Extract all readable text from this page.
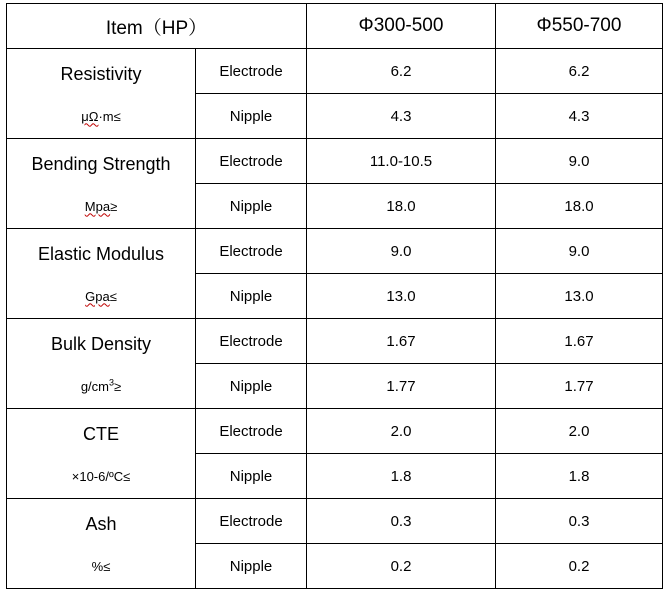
Item（HP）		Φ300-500	Φ550-700

Resistivity
μΩ·m≤	Electrode	6.2	6.2
	Nipple	4.3	4.3

Bending Strength
Mpa≥	Electrode	11.0-10.5	9.0
	Nipple	18.0	18.0

Elastic Modulus
Gpa≤	Electrode	9.0	9.0
	Nipple	13.0	13.0

Bulk Density
$g/cm^3\ge$	Electrode	1.67	1.67
	Nipple	1.77	1.77

CTE
×10-6/ºC≤	Electrode	2.0	2.0
	Nipple	1.8	1.8

Ash
%≤	Electrode	0.3	0.3
	Nipple	0.2	0.2
